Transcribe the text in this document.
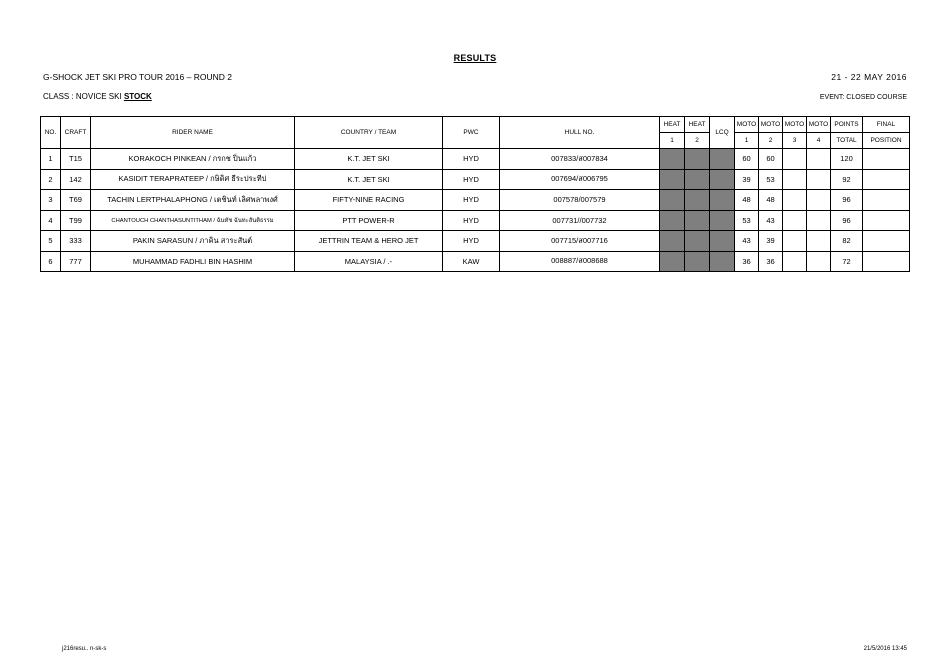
RESULTS
G-SHOCK JET SKI PRO TOUR 2016 – ROUND 2	21 - 22 MAY 2016
CLASS : NOVICE SKI STOCK	EVENT: CLOSED COURSE
NO.	CRAFT	RIDER NAME	COUNTRY / TEAM	PWC	HULL NO.	HEAT	HEAT	LCQ	MOTO	MOTO	MOTO	MOTO	POINTS	FINAL
						1	2		1	2	3	4	TOTAL	POSITION
1	T15	KORAKOCH PINKEAN / กรกช ปิ่นแก้ว	K.T. JET SKI	HYD	007833/ส007834				60	60			120	
2	142	KASIDIT TERAPRATEEP / กษิดิศ ธีระประทีป	K.T. JET SKI	HYD	007694/ส006795				39	53			92	
3	T69	TACHIN LERTPHALAPHONG / เตชินท์ เลิศพลาพงศ์	FIFTY-NINE RACING	HYD	007578/007579				48	48			96	
4	T99	CHANTOUCH CHANTHASUNTITHAM / ฉันทัช ฉันทะสันติธรรม	PTT POWER-R	HYD	007731//007732				53	43			96	
5	333	PAKIN SARASUN / ภาคิน สาระสันต์	JETTRIN TEAM & HERO JET	HYD	007715/ส007716				43	39			82	
6	777	MUHAMMAD FADHLI BIN HASHIM	MALAYSIA / .-	KAW	008887/ส008688				36	36			72	
j216resu.. n-sk-s	21/5/2016 13:45
